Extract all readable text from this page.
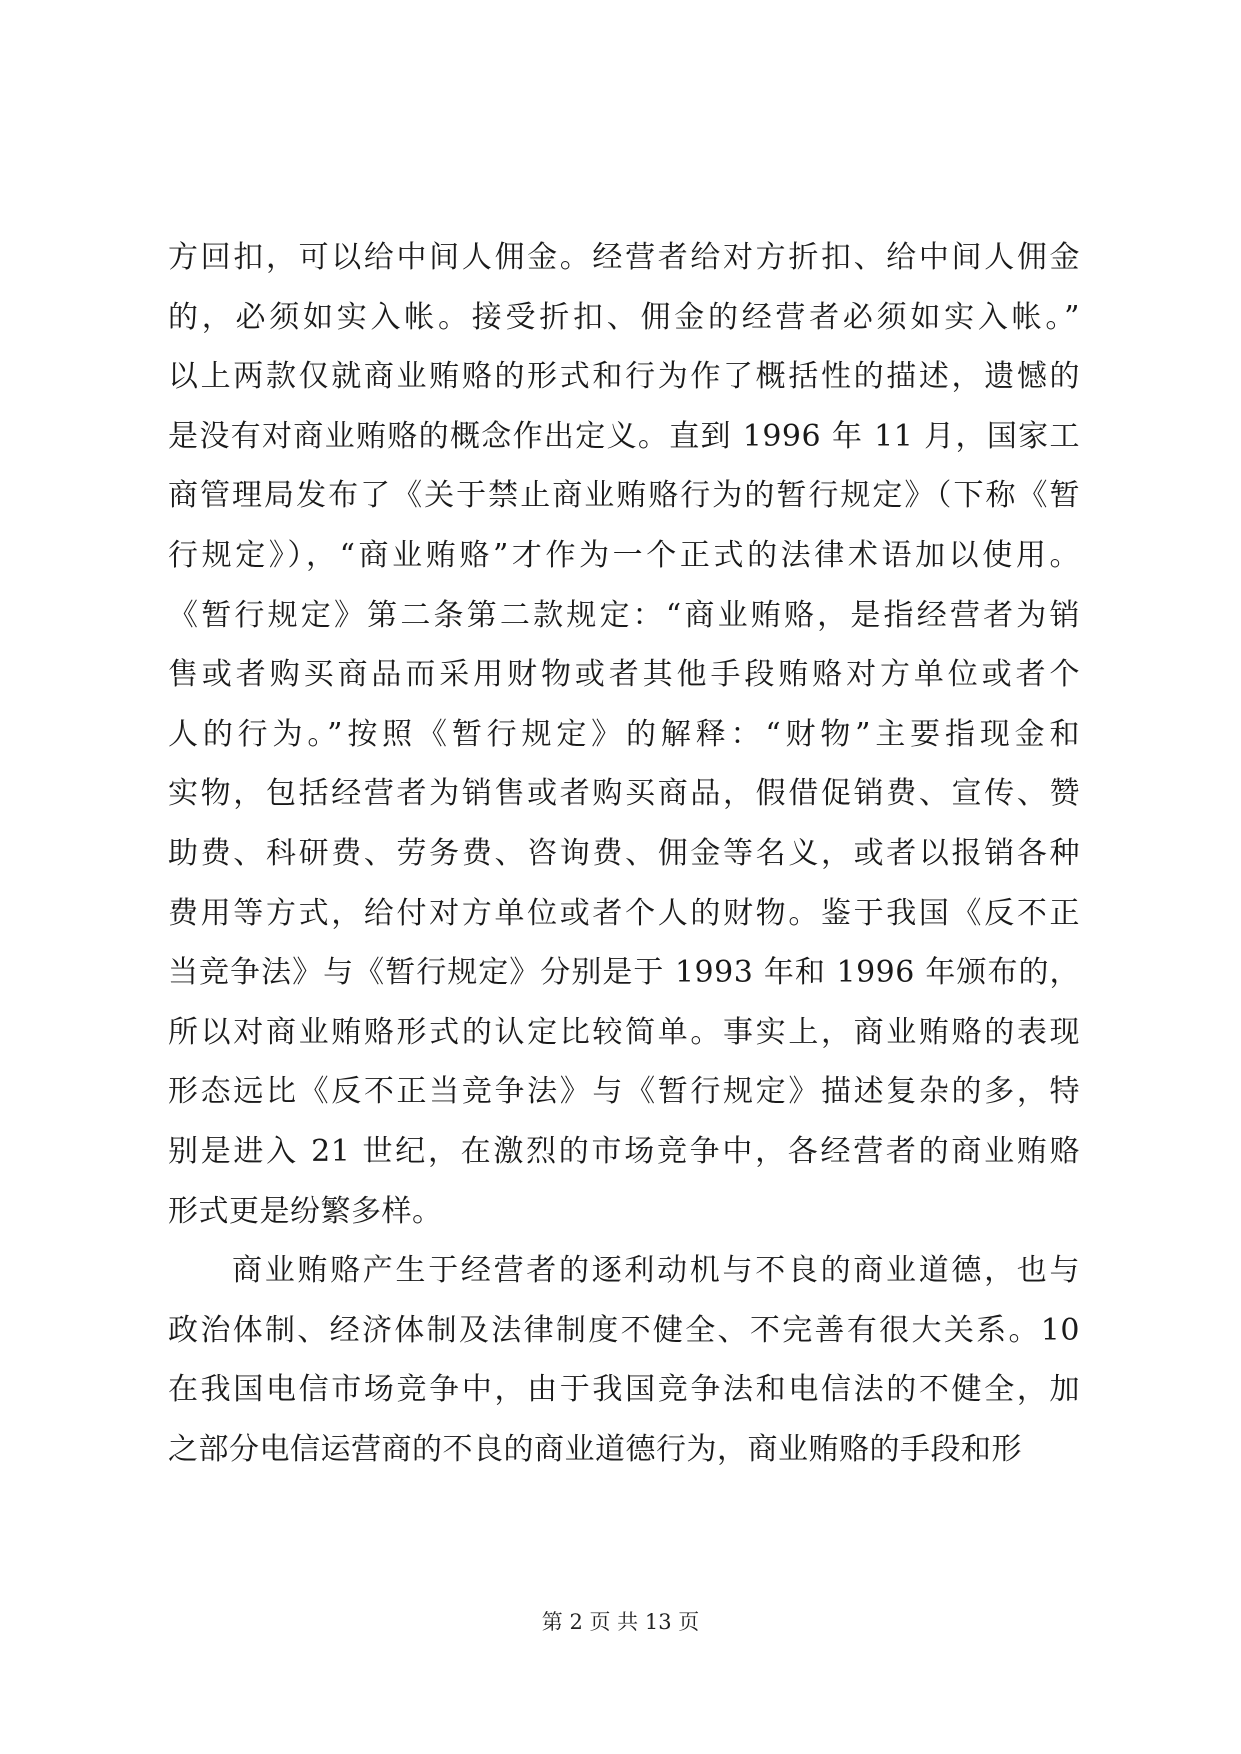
方回扣，可以给中间人佣金。经营者给对方折扣、给中间人佣金
的，必须如实入帐。接受折扣、佣金的经营者必须如实入帐。”
以上两款仅就商业贿赂的形式和行为作了概括性的描述，遗憾的
是没有对商业贿赂的概念作出定义。直到 1996 年 11 月，国家工
商管理局发布了《关于禁止商业贿赂行为的暂行规定》（下称《暂
行规定》），“商业贿赂”才作为一个正式的法律术语加以使用。
《暂行规定》第二条第二款规定：“商业贿赂，是指经营者为销
售或者购买商品而采用财物或者其他手段贿赂对方单位或者个
人的行为。”按照《暂行规定》的解释：“财物”主要指现金和
实物，包括经营者为销售或者购买商品，假借促销费、宣传、赞
助费、科研费、劳务费、咨询费、佣金等名义，或者以报销各种
费用等方式，给付对方单位或者个人的财物。鉴于我国《反不正
当竞争法》与《暂行规定》分别是于 1993 年和 1996 年颁布的，
所以对商业贿赂形式的认定比较简单。事实上，商业贿赂的表现
形态远比《反不正当竞争法》与《暂行规定》描述复杂的多，特
别是进入 21 世纪，在激烈的市场竞争中，各经营者的商业贿赂
形式更是纷繁多样。
商业贿赂产生于经营者的逐利动机与不良的商业道德，也与
政治体制、经济体制及法律制度不健全、不完善有很大关系。10
在我国电信市场竞争中，由于我国竞争法和电信法的不健全，加
之部分电信运营商的不良的商业道德行为，商业贿赂的手段和形
第 2 页 共 13 页
